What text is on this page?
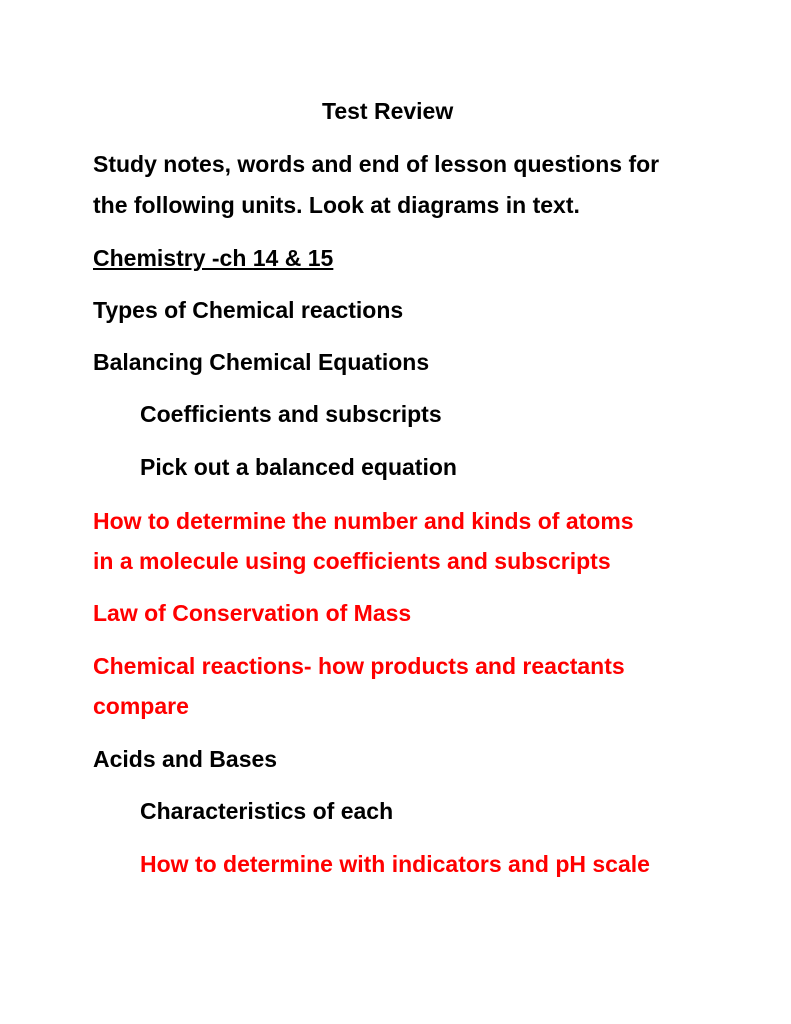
Test Review
Study notes, words and end of lesson questions for
the following units. Look at diagrams in text.
Chemistry -ch 14 & 15
Types of Chemical reactions
Balancing Chemical Equations
Coefficients and subscripts
Pick out a balanced equation
How to determine the number and kinds of atoms
in a molecule using coefficients and subscripts
Law of Conservation of Mass
Chemical reactions- how products and reactants
compare
Acids and Bases
Characteristics of each
How to determine with indicators and pH scale
